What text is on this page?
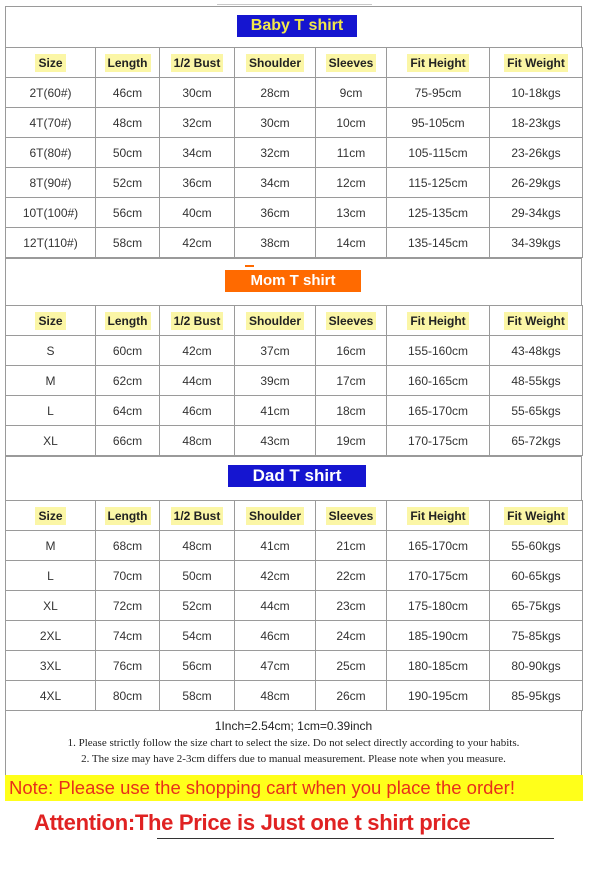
Baby T shirt
Size	Length	1/2 Bust	Shoulder	Sleeves	Fit Height	Fit Weight
2T(60#)	46cm	30cm	28cm	9cm	75-95cm	10-18kgs
4T(70#)	48cm	32cm	30cm	10cm	95-105cm	18-23kgs
6T(80#)	50cm	34cm	32cm	11cm	105-115cm	23-26kgs
8T(90#)	52cm	36cm	34cm	12cm	115-125cm	26-29kgs
10T(100#)	56cm	40cm	36cm	13cm	125-135cm	29-34kgs
12T(110#)	58cm	42cm	38cm	14cm	135-145cm	34-39kgs
Mom T shirt
Size	Length	1/2 Bust	Shoulder	Sleeves	Fit Height	Fit Weight
S	60cm	42cm	37cm	16cm	155-160cm	43-48kgs
M	62cm	44cm	39cm	17cm	160-165cm	48-55kgs
L	64cm	46cm	41cm	18cm	165-170cm	55-65kgs
XL	66cm	48cm	43cm	19cm	170-175cm	65-72kgs
Dad T shirt
Size	Length	1/2 Bust	Shoulder	Sleeves	Fit Height	Fit Weight
M	68cm	48cm	41cm	21cm	165-170cm	55-60kgs
L	70cm	50cm	42cm	22cm	170-175cm	60-65kgs
XL	72cm	52cm	44cm	23cm	175-180cm	65-75kgs
2XL	74cm	54cm	46cm	24cm	185-190cm	75-85kgs
3XL	76cm	56cm	47cm	25cm	180-185cm	80-90kgs
4XL	80cm	58cm	48cm	26cm	190-195cm	85-95kgs
1Inch=2.54cm; 1cm=0.39inch
1. Please strictly follow the size chart to select the size. Do not select directly according to your habits.
2. The size may have 2-3cm differs due to manual measurement. Please note when you measure.
Note: Please use the shopping cart when you place the order!
Attention:The Price is Just one t shirt price
